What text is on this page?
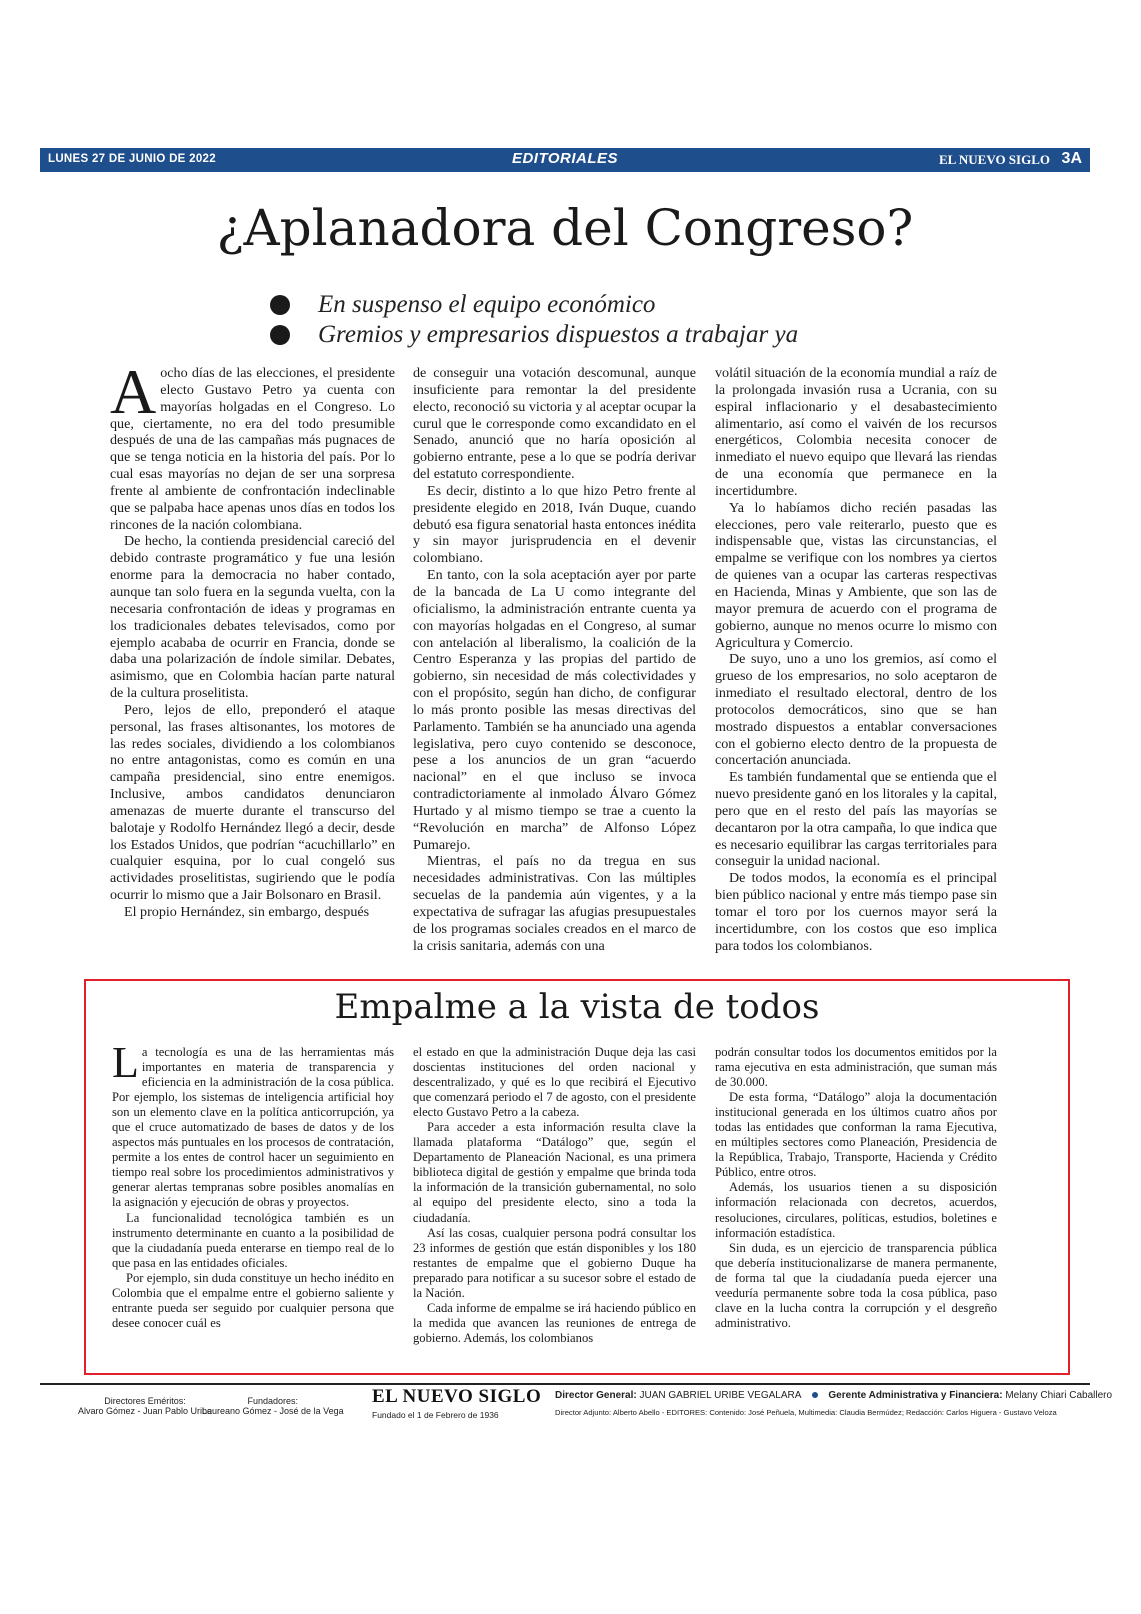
LUNES 27 DE JUNIO DE 2022	EDITORIALES	EL NUEVO SIGLO 3A
¿Aplanadora del Congreso?
En suspenso el equipo económico
Gremios y empresarios dispuestos a trabajar ya

Aocho días de las elecciones, el presidente electo Gustavo Petro ya cuenta con mayorías holgadas en el Congreso. Lo que, ciertamente, no era del todo presumible después de una de las campañas más pugnaces de que se tenga noticia en la historia del país. Por lo cual esas mayorías no dejan de ser una sorpresa frente al ambiente de confrontación indeclinable que se palpaba hace apenas unos días en todos los rincones de la nación colombiana.

De hecho, la contienda presidencial careció del debido contraste programático y fue una lesión enorme para la democracia no haber contado, aunque tan solo fuera en la segunda vuelta, con la necesaria confrontación de ideas y programas en los tradicionales debates televisados, como por ejemplo acababa de ocurrir en Francia, donde se daba una polarización de índole similar. Debates, asimismo, que en Colombia hacían parte natural de la cultura proselitista.

Pero, lejos de ello, preponderó el ataque personal, las frases altisonantes, los motores de las redes sociales, dividiendo a los colombianos no entre antagonistas, como es común en una campaña presidencial, sino entre enemigos. Inclusive, ambos candidatos denunciaron amenazas de muerte durante el transcurso del balotaje y Rodolfo Hernández llegó a decir, desde los Estados Unidos, que podrían “acuchillarlo” en cualquier esquina, por lo cual congeló sus actividades proselitistas, sugiriendo que le podía ocurrir lo mismo que a Jair Bolsonaro en Brasil.

El propio Hernández, sin embargo, después

de conseguir una votación descomunal, aunque insuficiente para remontar la del presidente electo, reconoció su victoria y al aceptar ocupar la curul que le corresponde como excandidato en el Senado, anunció que no haría oposición al gobierno entrante, pese a lo que se podría derivar del estatuto correspondiente.

Es decir, distinto a lo que hizo Petro frente al presidente elegido en 2018, Iván Duque, cuando debutó esa figura senatorial hasta entonces inédita y sin mayor jurisprudencia en el devenir colombiano.

En tanto, con la sola aceptación ayer por parte de la bancada de La U como integrante del oficialismo, la administración entrante cuenta ya con mayorías holgadas en el Congreso, al sumar con antelación al liberalismo, la coalición de la Centro Esperanza y las propias del partido de gobierno, sin necesidad de más colectividades y con el propósito, según han dicho, de configurar lo más pronto posible las mesas directivas del Parlamento. También se ha anunciado una agenda legislativa, pero cuyo contenido se desconoce, pese a los anuncios de un gran “acuerdo nacional” en el que incluso se invoca contradictoriamente al inmolado Álvaro Gómez Hurtado y al mismo tiempo se trae a cuento la “Revolución en marcha” de Alfonso López Pumarejo.

Mientras, el país no da tregua en sus necesidades administrativas. Con las múltiples secuelas de la pandemia aún vigentes, y a la expectativa de sufragar las afugias presupuestales de los programas sociales creados en el marco de la crisis sanitaria, además con una

volátil situación de la economía mundial a raíz de la prolongada invasión rusa a Ucrania, con su espiral inflacionario y el desabastecimiento alimentario, así como el vaivén de los recursos energéticos, Colombia necesita conocer de inmediato el nuevo equipo que llevará las riendas de una economía que permanece en la incertidumbre.

Ya lo habíamos dicho recién pasadas las elecciones, pero vale reiterarlo, puesto que es indispensable que, vistas las circunstancias, el empalme se verifique con los nombres ya ciertos de quienes van a ocupar las carteras respectivas en Hacienda, Minas y Ambiente, que son las de mayor premura de acuerdo con el programa de gobierno, aunque no menos ocurre lo mismo con Agricultura y Comercio.

De suyo, uno a uno los gremios, así como el grueso de los empresarios, no solo aceptaron de inmediato el resultado electoral, dentro de los protocolos democráticos, sino que se han mostrado dispuestos a entablar conversaciones con el gobierno electo dentro de la propuesta de concertación anunciada.

Es también fundamental que se entienda que el nuevo presidente ganó en los litorales y la capital, pero que en el resto del país las mayorías se decantaron por la otra campaña, lo que indica que es necesario equilibrar las cargas territoriales para conseguir la unidad nacional.

De todos modos, la economía es el principal bien público nacional y entre más tiempo pase sin tomar el toro por los cuernos mayor será la incertidumbre, con los costos que eso implica para todos los colombianos.

Empalme a la vista de todos

La tecnología es una de las herramientas más importantes en materia de transparencia y eficiencia en la administración de la cosa pública. Por ejemplo, los sistemas de inteligencia artificial hoy son un elemento clave en la política anticorrupción, ya que el cruce automatizado de bases de datos y de los aspectos más puntuales en los procesos de contratación, permite a los entes de control hacer un seguimiento en tiempo real sobre los procedimientos administrativos y generar alertas tempranas sobre posibles anomalías en la asignación y ejecución de obras y proyectos.

La funcionalidad tecnológica también es un instrumento determinante en cuanto a la posibilidad de que la ciudadanía pueda enterarse en tiempo real de lo que pasa en las entidades oficiales.

Por ejemplo, sin duda constituye un hecho inédito en Colombia que el empalme entre el gobierno saliente y entrante pueda ser seguido por cualquier persona que desee conocer cuál es

el estado en que la administración Duque deja las casi doscientas instituciones del orden nacional y descentralizado, y qué es lo que recibirá el Ejecutivo que comenzará periodo el 7 de agosto, con el presidente electo Gustavo Petro a la cabeza.

Para acceder a esta información resulta clave la llamada plataforma “Datálogo” que, según el Departamento de Planeación Nacional, es una primera biblioteca digital de gestión y empalme que brinda toda la información de la transición gubernamental, no solo al equipo del presidente electo, sino a toda la ciudadanía.

Así las cosas, cualquier persona podrá consultar los 23 informes de gestión que están disponibles y los 180 restantes de empalme que el gobierno Duque ha preparado para notificar a su sucesor sobre el estado de la Nación.

Cada informe de empalme se irá haciendo público en la medida que avancen las reuniones de entrega de gobierno. Además, los colombianos

podrán consultar todos los documentos emitidos por la rama ejecutiva en esta administración, que suman más de 30.000.

De esta forma, “Datálogo” aloja la documentación institucional generada en los últimos cuatro años por todas las entidades que conforman la rama Ejecutiva, en múltiples sectores como Planeación, Presidencia de la República, Trabajo, Transporte, Hacienda y Crédito Público, entre otros.

Además, los usuarios tienen a su disposición información relacionada con decretos, acuerdos, resoluciones, circulares, políticas, estudios, boletines e información estadística.

Sin duda, es un ejercicio de transparencia pública que debería institucionalizarse de manera permanente, de forma tal que la ciudadanía pueda ejercer una veeduría permanente sobre toda la cosa pública, paso clave en la lucha contra la corrupción y el desgreño administrativo.

Directores Eméritos:
Alvaro Gómez - Juan Pablo Uribe
Fundadores:
Laureano Gómez - José de la Vega
EL NUEVO SIGLO
Fundado el 1 de Febrero de 1936
Director General: JUAN GABRIEL URIBE VEGALARA	Gerente Administrativa y Financiera: Melany Chiari Caballero
Director Adjunto: Alberto Abello - EDITORES: Contenido: José Peñuela, Multimedia: Claudia Bermúdez; Redacción: Carlos Higuera - Gustavo Veloza
